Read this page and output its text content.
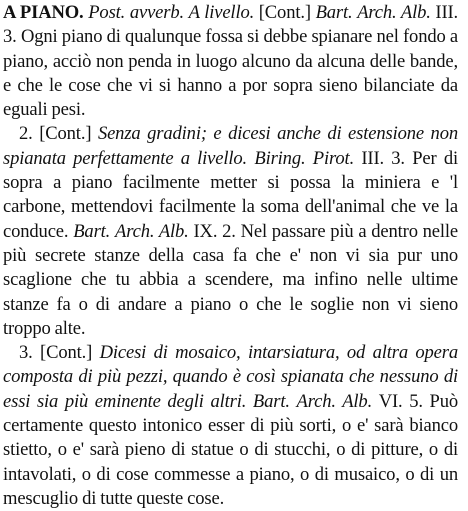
A PIANO. Post. avverb. A livello. [Cont.] Bart. Arch. Alb. III. 3. Ogni piano di qualunque fossa si debbe spianare nel fondo a piano, acciò non penda in luogo alcuno da alcuna delle bande, e che le cose che vi si hanno a por sopra sieno bilanciate da eguali pesi.

2. [Cont.] Senza gradini; e dicesi anche di estensione non spianata perfettamente a livello. Biring. Pirot. III. 3. Per di sopra a piano facilmente metter si possa la miniera e 'l carbone, mettendovi facilmente la soma dell'animal che ve la conduce. Bart. Arch. Alb. IX. 2. Nel passare più a dentro nelle più secrete stanze della casa fa che e' non vi sia pur uno scaglione che tu abbia a scendere, ma infino nelle ultime stanze fa o di andare a piano o che le soglie non vi sieno troppo alte.

3. [Cont.] Dicesi di mosaico, intarsiatura, od altra opera composta di più pezzi, quando è così spianata che nessuno di essi sia più eminente degli altri. Bart. Arch. Alb. VI. 5. Può certamente questo intonico esser di più sorti, o e' sarà bianco stietto, o e' sarà pieno di statue o di stucchi, o di pitture, o di intavolati, o di cose commesse a piano, o di musaico, o di un mescuglio di tutte queste cose.
